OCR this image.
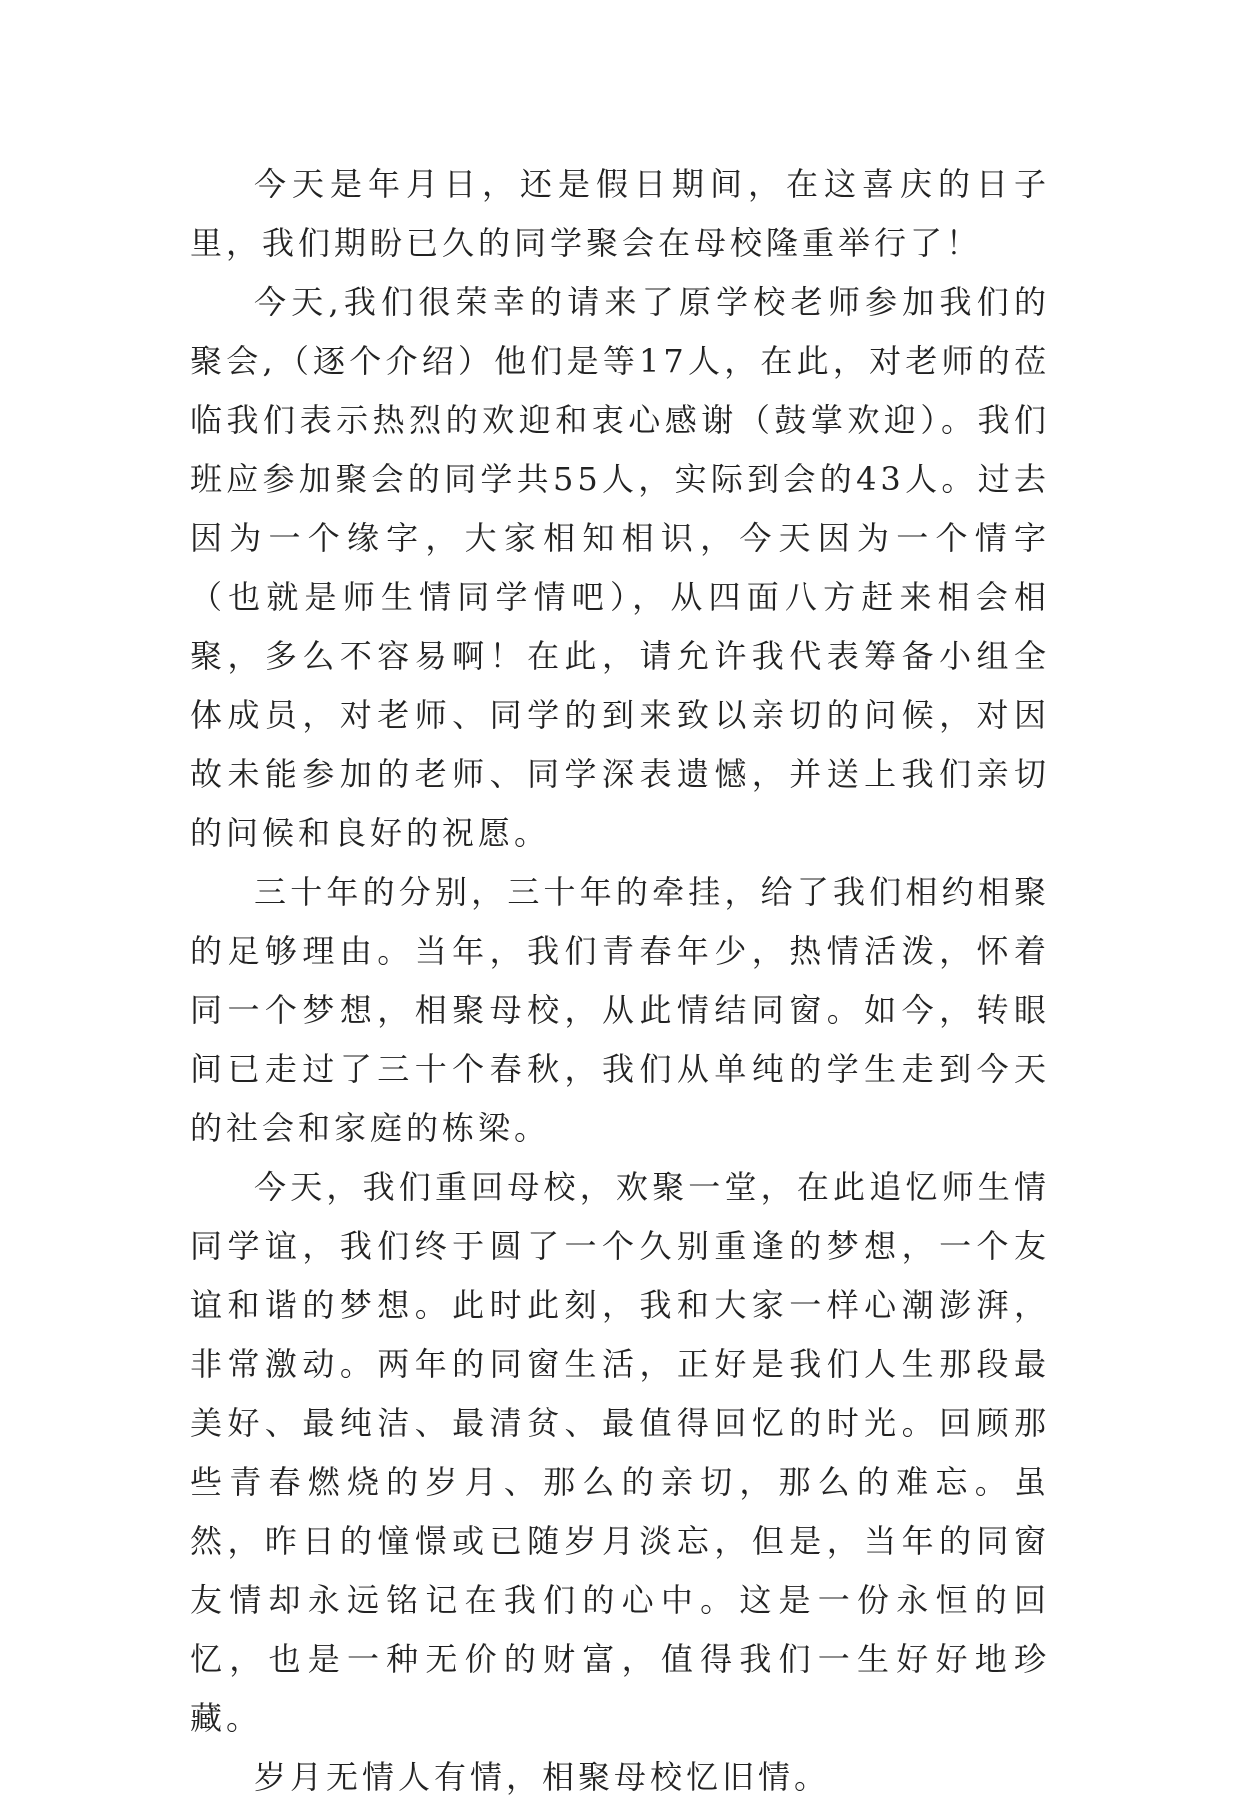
今天是年月日，还是假日期间，在这喜庆的日子里，我们期盼已久的同学聚会在母校隆重举行了！

今天,我们很荣幸的请来了原学校老师参加我们的聚会,（逐个介绍）他们是等17人，在此，对老师的莅临我们表示热烈的欢迎和衷心感谢（鼓掌欢迎）。我们班应参加聚会的同学共55人，实际到会的43人。过去因为一个缘字，大家相知相识，今天因为一个情字（也就是师生情同学情吧），从四面八方赶来相会相聚，多么不容易啊！在此，请允许我代表筹备小组全体成员，对老师、同学的到来致以亲切的问候，对因故未能参加的老师、同学深表遗憾，并送上我们亲切的问候和良好的祝愿。

三十年的分别，三十年的牵挂，给了我们相约相聚的足够理由。当年，我们青春年少，热情活泼，怀着同一个梦想，相聚母校，从此情结同窗。如今，转眼间已走过了三十个春秋，我们从单纯的学生走到今天的社会和家庭的栋梁。

今天，我们重回母校，欢聚一堂，在此追忆师生情同学谊，我们终于圆了一个久别重逢的梦想，一个友谊和谐的梦想。此时此刻，我和大家一样心潮澎湃，非常激动。两年的同窗生活，正好是我们人生那段最美好、最纯洁、最清贫、最值得回忆的时光。回顾那些青春燃烧的岁月、那么的亲切，那么的难忘。虽然，昨日的憧憬或已随岁月淡忘，但是，当年的同窗友情却永远铭记在我们的心中。这是一份永恒的回忆，也是一种无价的财富，值得我们一生好好地珍藏。

岁月无情人有情，相聚母校忆旧情。
